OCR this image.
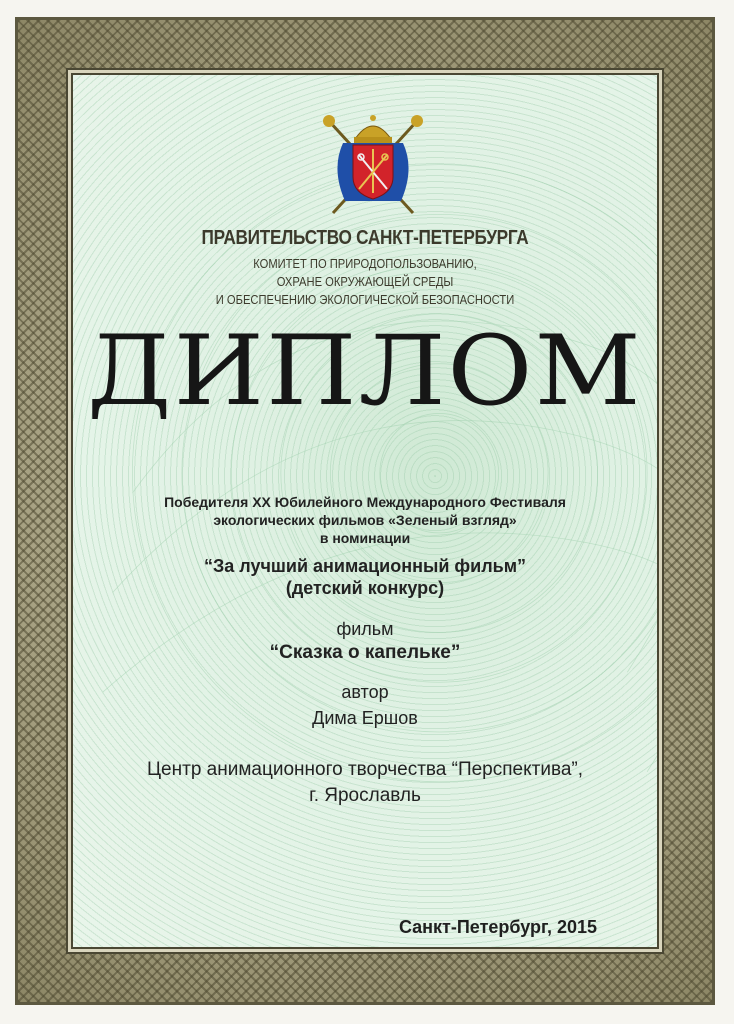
ПРАВИТЕЛЬСТВО САНКТ-ПЕТЕРБУРГА
КОМИТЕТ ПО ПРИРОДОПОЛЬЗОВАНИЮ,
ОХРАНЕ ОКРУЖАЮЩЕЙ СРЕДЫ
И ОБЕСПЕЧЕНИЮ ЭКОЛОГИЧЕСКОЙ БЕЗОПАСНОСТИ
ДИПЛОМ
Победителя XX Юбилейного Международного Фестиваля
экологических фильмов «Зеленый взгляд»
в номинации
“За лучший анимационный фильм”
(детский конкурс)
фильм
“Сказка о капельке”
автор
Дима Ершов
Центр анимационного творчества “Перспектива”,
г. Ярославль
Санкт-Петербург, 2015
